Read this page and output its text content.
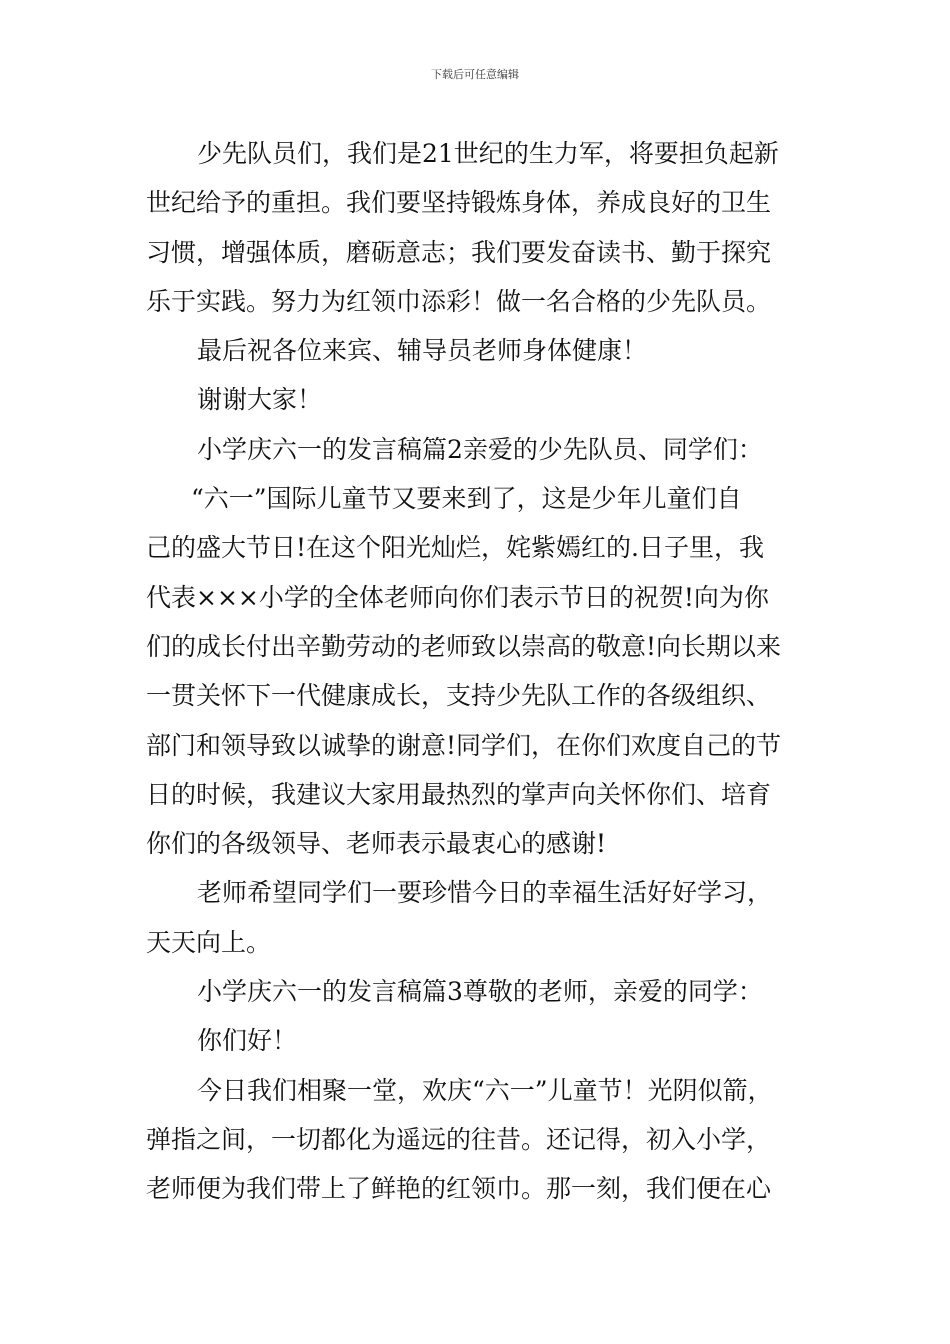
下载后可任意编辑
少先队员们，我们是21世纪的生力军，将要担负起新
世纪给予的重担。我们要坚持锻炼身体，养成良好的卫生
习惯，增强体质，磨砺意志；我们要发奋读书、勤于探究
乐于实践。努力为红领巾添彩！做一名合格的少先队员。
最后祝各位来宾、辅导员老师身体健康！
谢谢大家！
小学庆六一的发言稿篇2亲爱的少先队员、同学们：
“六一”国际儿童节又要来到了，这是少年儿童们自
己的盛大节日!在这个阳光灿烂，姹紫嫣红的.日子里，我
代表×××小学的全体老师向你们表示节日的祝贺!向为你
们的成长付出辛勤劳动的老师致以崇高的敬意!向长期以来
一贯关怀下一代健康成长，支持少先队工作的各级组织、
部门和领导致以诚挚的谢意!同学们，在你们欢度自己的节
日的时候，我建议大家用最热烈的掌声向关怀你们、培育
你们的各级领导、老师表示最衷心的感谢!
老师希望同学们一要珍惜今日的幸福生活好好学习，
天天向上。
小学庆六一的发言稿篇3尊敬的老师，亲爱的同学：
你们好！
今日我们相聚一堂，欢庆“六一”儿童节！光阴似箭，
弹指之间，一切都化为遥远的往昔。还记得，初入小学，
老师便为我们带上了鲜艳的红领巾。那一刻，我们便在心
